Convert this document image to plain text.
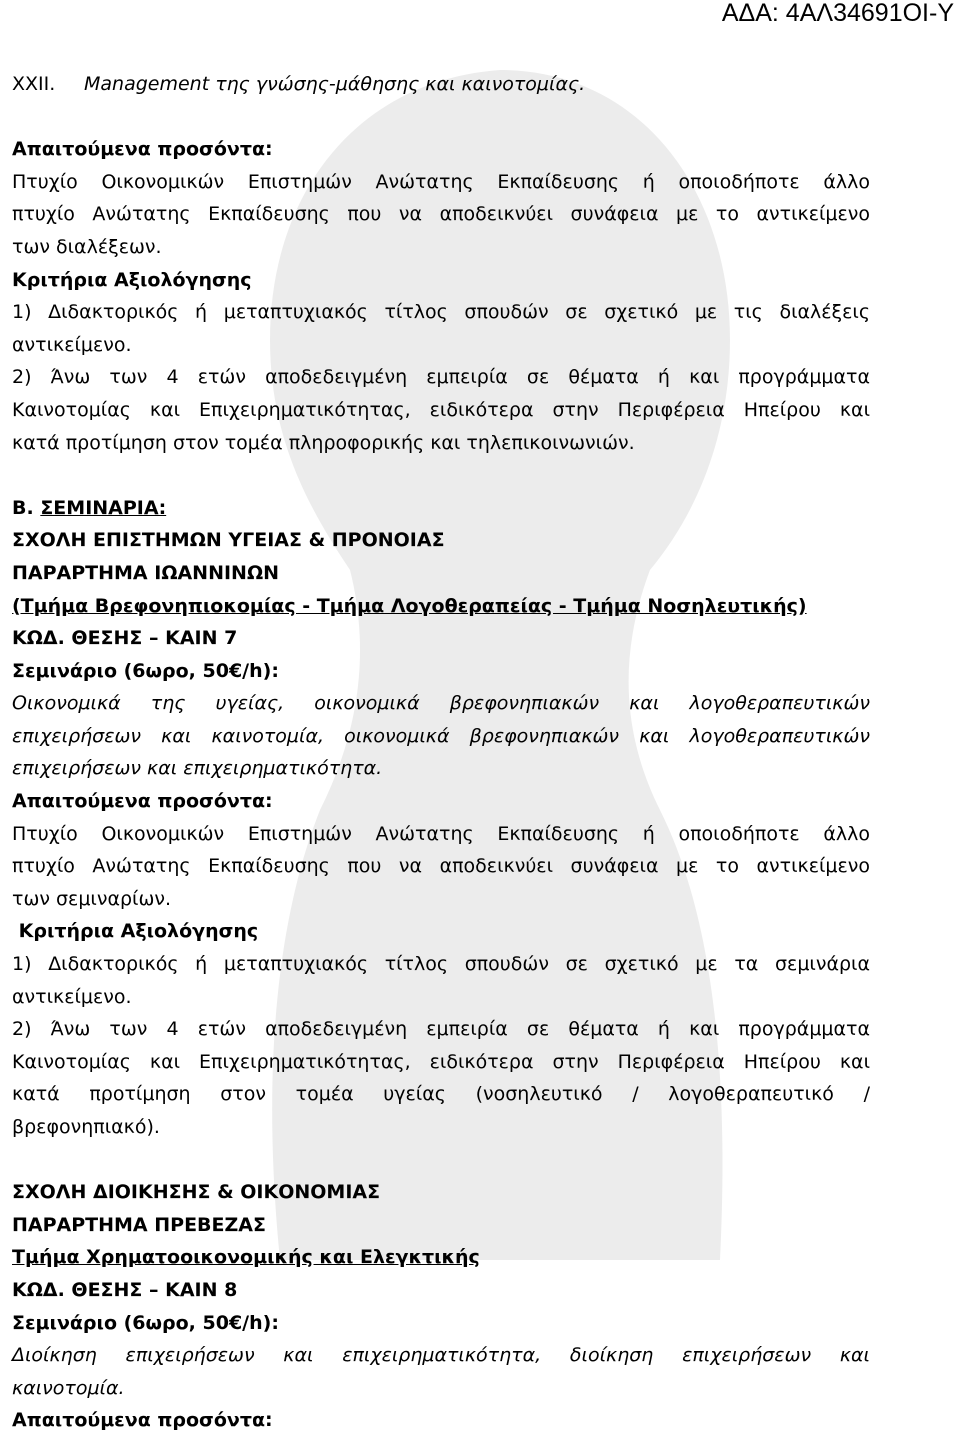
ΑΔΑ: 4ΑΛ34691ΟΙ-Υ
XXII.	Management της γνώσης-μάθησης και καινοτομίας.

Απαιτούμενα προσόντα:

Πτυχίο Οικονομικών Επιστημών Ανώτατης Εκπαίδευσης ή οποιοδήποτε άλλο

πτυχίο Ανώτατης Εκπαίδευσης που να αποδεικνύει συνάφεια με το αντικείμενο

των διαλέξεων.

Κριτήρια Αξιολόγησης

1) Διδακτορικός ή μεταπτυχιακός τίτλος σπουδών σε σχετικό με τις διαλέξεις

αντικείμενο.

2) Άνω των 4 ετών αποδεδειγμένη εμπειρία σε θέματα ή και προγράμματα

Καινοτομίας και Επιχειρηματικότητας, ειδικότερα στην Περιφέρεια Ηπείρου και

κατά προτίμηση στον τομέα πληροφορικής και τηλεπικοινωνιών.

Β. ΣΕΜΙΝΑΡΙΑ:

ΣΧΟΛΗ ΕΠΙΣΤΗΜΩΝ ΥΓΕΙΑΣ & ΠΡΟΝΟΙΑΣ

ΠΑΡΑΡΤΗΜΑ ΙΩΑΝΝΙΝΩΝ

(Τμήμα Βρεφονηπιοκομίας - Τμήμα Λογοθεραπείας - Τμήμα Νοσηλευτικής)

ΚΩΔ. ΘΕΣΗΣ – ΚΑΙΝ 7

Σεμινάριο (6ωρο, 50€/h):

Οικονομικά της υγείας, οικονομικά βρεφονηπιακών και λογοθεραπευτικών

επιχειρήσεων και καινοτομία, οικονομικά βρεφονηπιακών και λογοθεραπευτικών

επιχειρήσεων και επιχειρηματικότητα.

Απαιτούμενα προσόντα:

Πτυχίο Οικονομικών Επιστημών Ανώτατης Εκπαίδευσης ή οποιοδήποτε άλλο

πτυχίο Ανώτατης Εκπαίδευσης που να αποδεικνύει συνάφεια με το αντικείμενο

των σεμιναρίων.

Κριτήρια Αξιολόγησης

1) Διδακτορικός ή μεταπτυχιακός τίτλος σπουδών σε σχετικό με τα σεμινάρια

αντικείμενο.

2) Άνω των 4 ετών αποδεδειγμένη εμπειρία σε θέματα ή και προγράμματα

Καινοτομίας και Επιχειρηματικότητας, ειδικότερα στην Περιφέρεια Ηπείρου και

κατά προτίμηση στον τομέα υγείας (νοσηλευτικό / λογοθεραπευτικό /

βρεφονηπιακό).

ΣΧΟΛΗ ΔΙΟΙΚΗΣΗΣ & ΟΙΚΟΝΟΜΙΑΣ

ΠΑΡΑΡΤΗΜΑ ΠΡΕΒΕΖΑΣ

Τμήμα Χρηματοοικονομικής και Ελεγκτικής

ΚΩΔ. ΘΕΣΗΣ – ΚΑΙΝ 8

Σεμινάριο (6ωρο, 50€/h):

Διοίκηση επιχειρήσεων και επιχειρηματικότητα, διοίκηση επιχειρήσεων και

καινοτομία.

Απαιτούμενα προσόντα:
